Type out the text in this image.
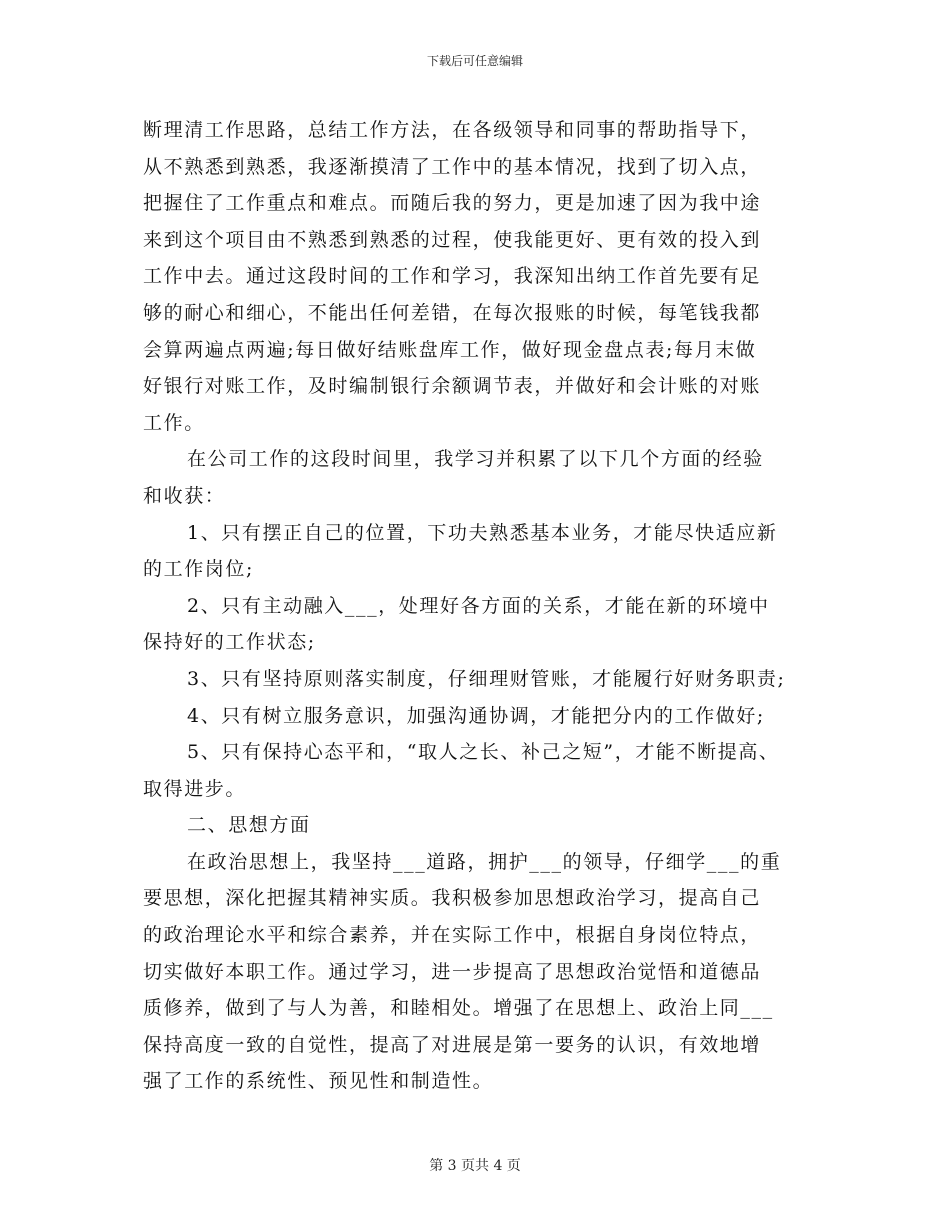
下载后可任意编辑
断理清工作思路，总结工作方法，在各级领导和同事的帮助指导下，
从不熟悉到熟悉，我逐渐摸清了工作中的基本情况，找到了切入点，
把握住了工作重点和难点。而随后我的努力，更是加速了因为我中途
来到这个项目由不熟悉到熟悉的过程，使我能更好、更有效的投入到
工作中去。通过这段时间的工作和学习，我深知出纳工作首先要有足
够的耐心和细心，不能出任何差错，在每次报账的时候，每笔钱我都
会算两遍点两遍;每日做好结账盘库工作，做好现金盘点表;每月末做
好银行对账工作，及时编制银行余额调节表，并做好和会计账的对账
工作。
在公司工作的这段时间里，我学习并积累了以下几个方面的经验
和收获：
1、只有摆正自己的位置，下功夫熟悉基本业务，才能尽快适应新
的工作岗位;
2、只有主动融入___，处理好各方面的关系，才能在新的环境中
保持好的工作状态;
3、只有坚持原则落实制度，仔细理财管账，才能履行好财务职责;
4、只有树立服务意识，加强沟通协调，才能把分内的工作做好;
5、只有保持心态平和，“取人之长、补己之短”，才能不断提高、
取得进步。
二、思想方面
在政治思想上，我坚持___道路，拥护___的领导，仔细学___的重
要思想，深化把握其精神实质。我积极参加思想政治学习，提高自己
的政治理论水平和综合素养，并在实际工作中，根据自身岗位特点，
切实做好本职工作。通过学习，进一步提高了思想政治觉悟和道德品
质修养，做到了与人为善，和睦相处。增强了在思想上、政治上同___
保持高度一致的自觉性，提高了对进展是第一要务的认识，有效地增
强了工作的系统性、预见性和制造性。
第 3 页共 4 页
